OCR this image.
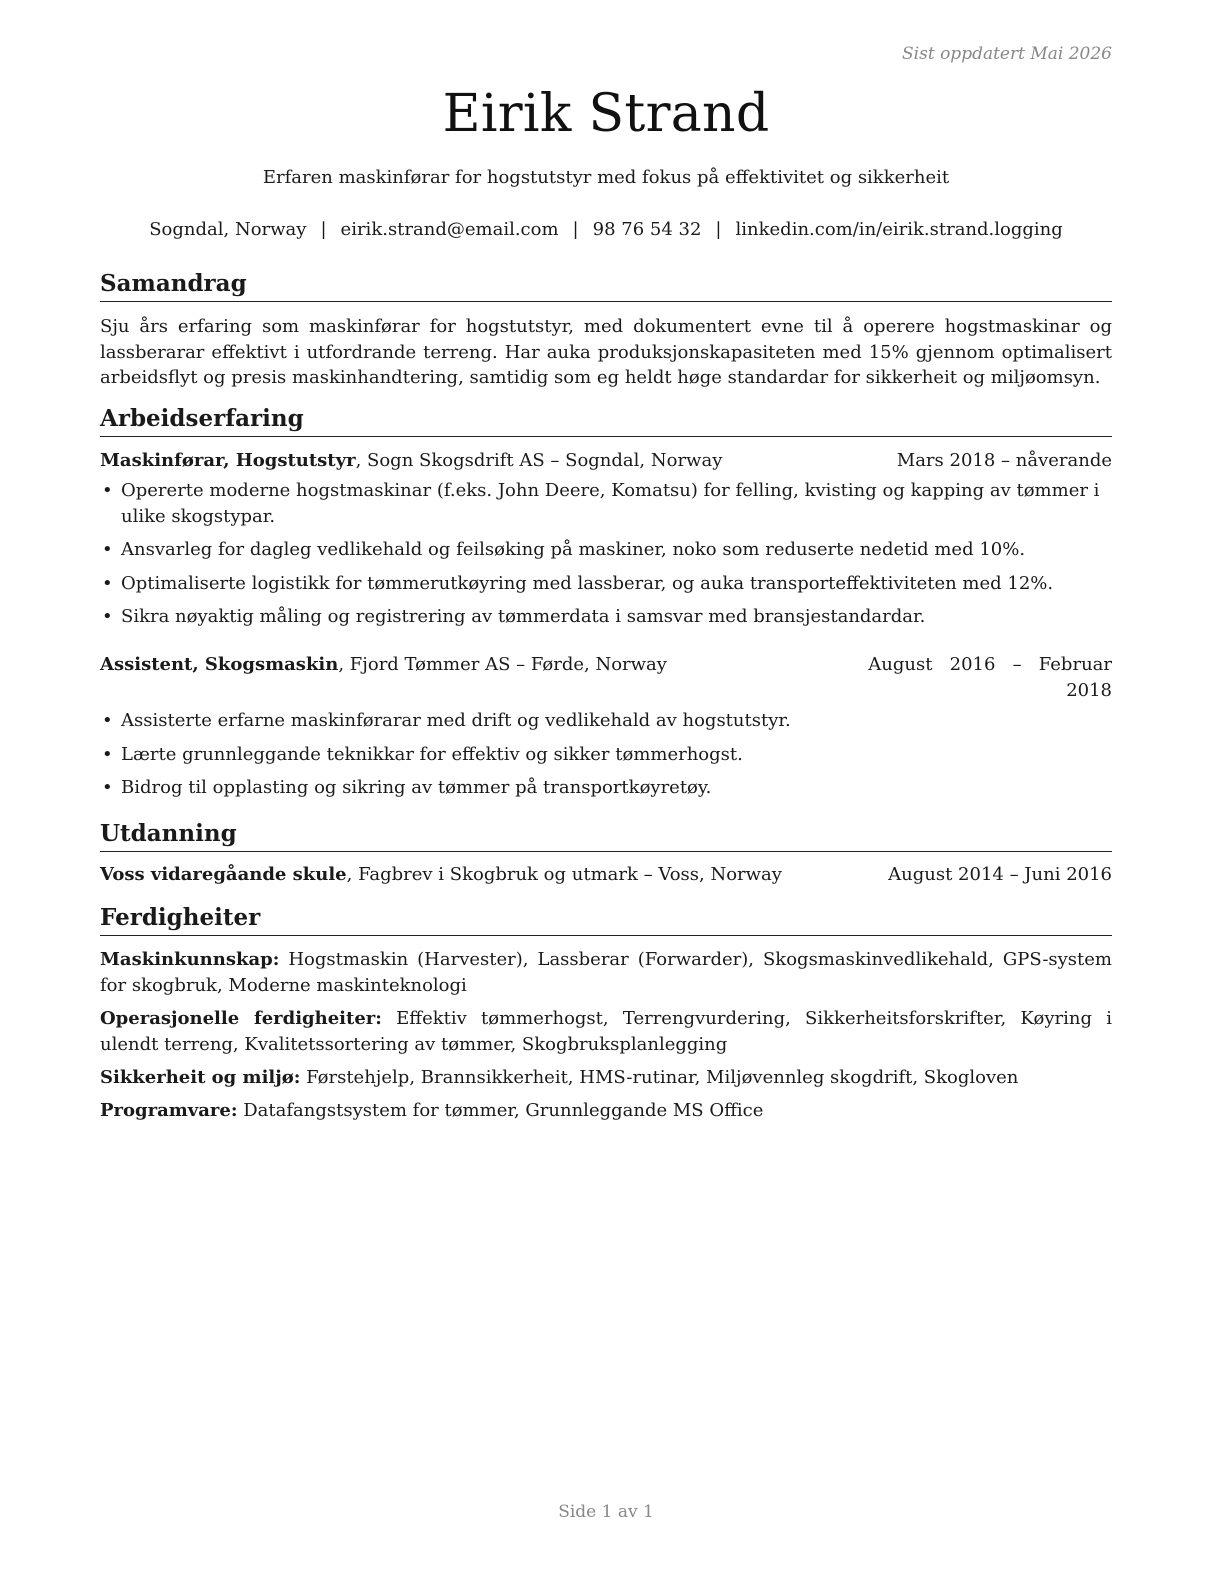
Sist oppdatert Mai 2026
Eirik Strand
Erfaren maskinførar for hogstutstyr med fokus på effektivitet og sikkerheit
Sogndal, Norway | eirik.strand@email.com | 98 76 54 32 | linkedin.com/in/eirik.strand.logging
Samandrag
Sju års erfaring som maskinførar for hogstutstyr, med dokumentert evne til å operere hogstmaskinar og lassberarar effektivt i utfordrande terreng. Har auka produksjonskapasiteten med 15% gjennom optimalisert arbeidsflyt og presis maskinhandtering, samtidig som eg heldt høge standardar for sikkerheit og miljøomsyn.
Arbeidserfaring
Maskinførar, Hogstutstyr, Sogn Skogsdrift AS – Sogndal, Norway	Mars 2018 – nåverande
• Opererte moderne hogstmaskinar (f.eks. John Deere, Komatsu) for felling, kvisting og kapping av tømmer i ulike skogstypar.
• Ansvarleg for dagleg vedlikehald og feilsøking på maskiner, noko som reduserte nedetid med 10%.
• Optimaliserte logistikk for tømmerutkøyring med lassberar, og auka transporteffektiviteten med 12%.
• Sikra nøyaktig måling og registrering av tømmerdata i samsvar med bransjestandardar.
Assistent, Skogsmaskin, Fjord Tømmer AS – Førde, Norway	August   2016   –   Februar
2018
• Assisterte erfarne maskinførarar med drift og vedlikehald av hogstutstyr.
• Lærte grunnleggande teknikkar for effektiv og sikker tømmerhogst.
• Bidrog til opplasting og sikring av tømmer på transportkøyretøy.
Utdanning
Voss vidaregåande skule, Fagbrev i Skogbruk og utmark – Voss, Norway	August 2014 – Juni 2016
Ferdigheiter
Maskinkunnskap: Hogstmaskin (Harvester), Lassberar (Forwarder), Skogsmaskinvedlikehald, GPS-system for skogbruk, Moderne maskinteknologi
Operasjonelle ferdigheiter: Effektiv tømmerhogst, Terrengvurdering, Sikkerheitsforskrifter, Køyring i ulendt terreng, Kvalitetssortering av tømmer, Skogbruksplanlegging
Sikkerheit og miljø: Førstehjelp, Brannsikkerheit, HMS-rutinar, Miljøvennleg skogdrift, Skogloven
Programvare: Datafangstsystem for tømmer, Grunnleggande MS Office
Side 1 av 1
